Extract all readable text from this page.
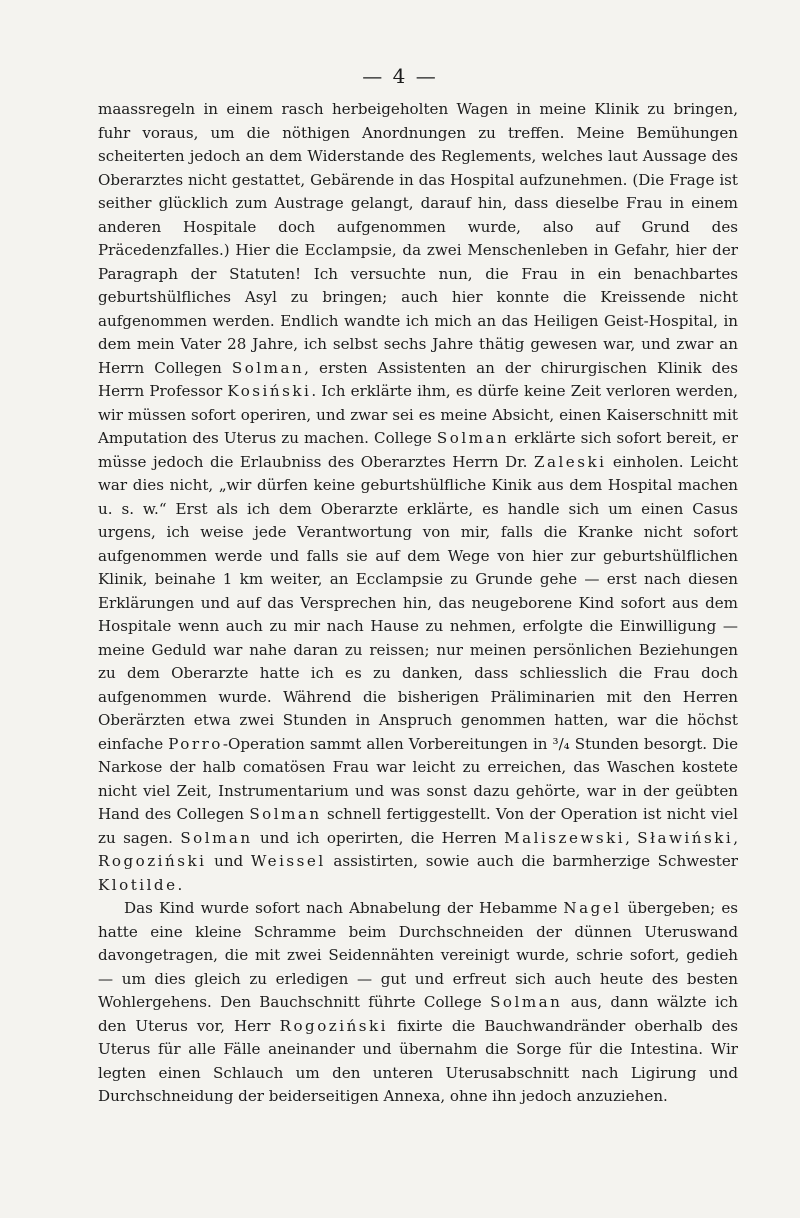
— 4 —

maassregeln in einem rasch herbeigeholten Wagen in meine Klinik zu bringen, fuhr voraus, um die nöthigen Anordnungen zu treffen. Meine Bemühungen scheiterten jedoch an dem Widerstande des Reglements, welches laut Aussage des Oberarztes nicht gestattet, Gebärende in das Hospital aufzunehmen. (Die Frage ist seither glücklich zum Austrage gelangt, darauf hin, dass dieselbe Frau in einem anderen Hospitale doch aufgenommen wurde, also auf Grund des Präcedenzfalles.) Hier die Ecclampsie, da zwei Menschenleben in Gefahr, hier der Paragraph der Statuten! Ich versuchte nun, die Frau in ein benachbartes geburtshülfliches Asyl zu bringen; auch hier konnte die Kreissende nicht aufgenommen werden. Endlich wandte ich mich an das Heiligen Geist-Hospital, in dem mein Vater 28 Jahre, ich selbst sechs Jahre thätig gewesen war, und zwar an Herrn Collegen Solman, ersten Assistenten an der chirurgischen Klinik des Herrn Professor Kosiński. Ich erklärte ihm, es dürfe keine Zeit verloren werden, wir müssen sofort operiren, und zwar sei es meine Absicht, einen Kaiserschnitt mit Amputation des Uterus zu machen. College Solman erklärte sich sofort bereit, er müsse jedoch die Erlaubniss des Oberarztes Herrn Dr. Zaleski einholen. Leicht war dies nicht, „wir dürfen keine geburtshülfliche Kinik aus dem Hospital machen u. s. w.“ Erst als ich dem Oberarzte erklärte, es handle sich um einen Casus urgens, ich weise jede Verantwortung von mir, falls die Kranke nicht sofort aufgenommen werde und falls sie auf dem Wege von hier zur geburtshülflichen Klinik, beinahe 1 km weiter, an Ecclampsie zu Grunde gehe — erst nach diesen Erklärungen und auf das Versprechen hin, das neugeborene Kind sofort aus dem Hospitale wenn auch zu mir nach Hause zu nehmen, erfolgte die Einwilligung — meine Geduld war nahe daran zu reissen; nur meinen persönlichen Beziehungen zu dem Oberarzte hatte ich es zu danken, dass schliesslich die Frau doch aufgenommen wurde. Während die bisherigen Präliminarien mit den Herren Oberärzten etwa zwei Stunden in Anspruch genommen hatten, war die höchst einfache Porro-Operation sammt allen Vorbereitungen in ³/₄ Stunden besorgt. Die Narkose der halb comatösen Frau war leicht zu erreichen, das Waschen kostete nicht viel Zeit, Instrumentarium und was sonst dazu gehörte, war in der geübten Hand des Collegen Solman schnell fertiggestellt. Von der Operation ist nicht viel zu sagen. Solman und ich operirten, die Herren Maliszewski, Sławiński, Rogoziński und Weissel assistirten, sowie auch die barmherzige Schwester Klotilde.

Das Kind wurde sofort nach Abnabelung der Hebamme Nagel übergeben; es hatte eine kleine Schramme beim Durchschneiden der dünnen Uteruswand davongetragen, die mit zwei Seidennähten vereinigt wurde, schrie sofort, gedieh — um dies gleich zu erledigen — gut und erfreut sich auch heute des besten Wohlergehens. Den Bauchschnitt führte College Solman aus, dann wälzte ich den Uterus vor, Herr Rogoziński fixirte die Bauchwandränder oberhalb des Uterus für alle Fälle aneinander und übernahm die Sorge für die Intestina. Wir legten einen Schlauch um den unteren Uterusabschnitt nach Ligirung und Durchschneidung der beiderseitigen Annexa, ohne ihn jedoch anzuziehen.
